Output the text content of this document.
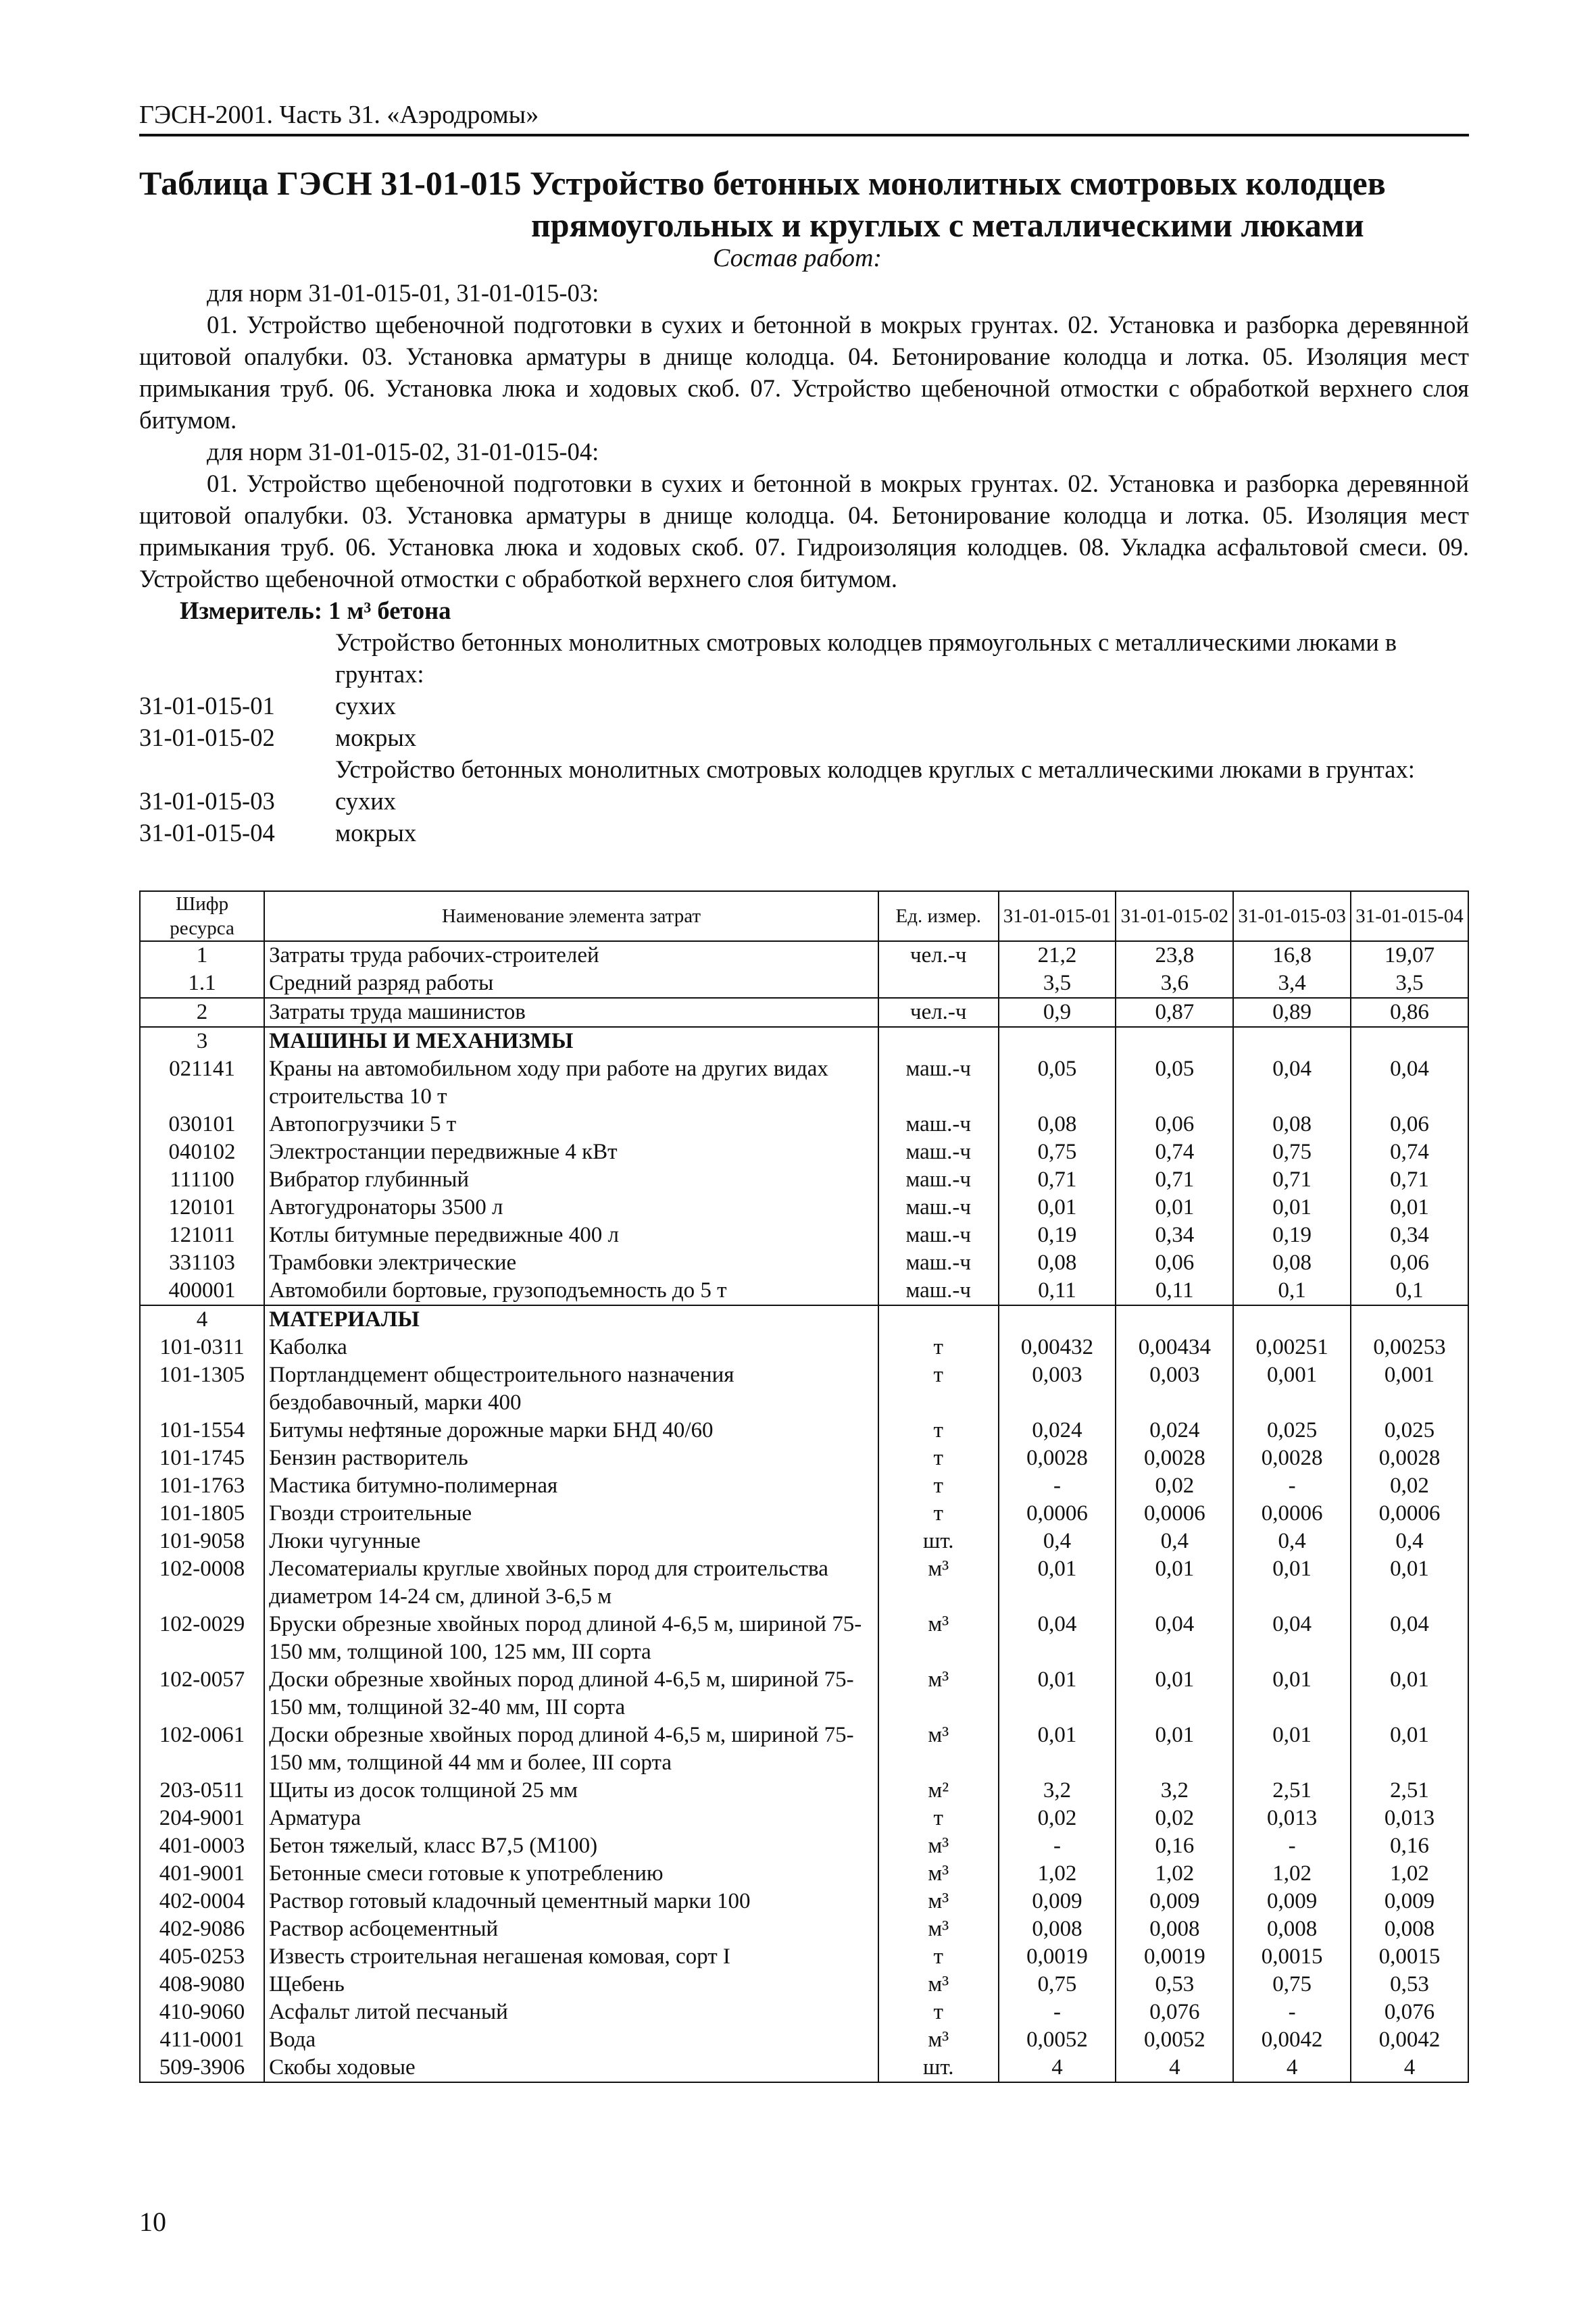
ГЭСН-2001. Часть 31. «Аэродромы»
Таблица ГЭСН 31-01-015 Устройство бетонных монолитных смотровых колодцев
прямоугольных и круглых с металлическими люками
Состав работ:

для норм 31-01-015-01, 31-01-015-03:

01. Устройство щебеночной подготовки в сухих и бетонной в мокрых грунтах. 02. Установка и разборка деревянной щитовой опалубки. 03. Установка арматуры в днище колодца. 04. Бетонирование колодца и лотка. 05. Изоляция мест примыкания труб. 06. Установка люка и ходовых скоб. 07. Устройство щебеночной отмостки с обработкой верхнего слоя битумом.

для норм 31-01-015-02, 31-01-015-04:

01. Устройство щебеночной подготовки в сухих и бетонной в мокрых грунтах. 02. Установка и разборка деревянной щитовой опалубки. 03. Установка арматуры в днище колодца. 04. Бетонирование колодца и лотка. 05. Изоляция мест примыкания труб. 06. Установка люка и ходовых скоб. 07. Гидроизоляция колодцев. 08. Укладка асфальтовой смеси. 09. Устройство щебеночной отмостки с обработкой верхнего слоя битумом.

Измеритель: 1 м³ бетона

Устройство бетонных монолитных смотровых колодцев прямоугольных с металлическими люками в грунтах:
31-01-015-01	сухих
31-01-015-02	мокрых
Устройство бетонных монолитных смотровых колодцев круглых с металлическими люками в грунтах:
31-01-015-03	сухих
31-01-015-04	мокрых
Шифр ресурса	Наименование элемента затрат	Ед. измер.	31-01-015-01	31-01-015-02	31-01-015-03	31-01-015-04
1	Затраты труда рабочих-строителей	чел.-ч	21,2	23,8	16,8	19,07
1.1	Средний разряд работы		3,5	3,6	3,4	3,5
2	Затраты труда машинистов	чел.-ч	0,9	0,87	0,89	0,86
3	МАШИНЫ И МЕХАНИЗМЫ					
021141	Краны на автомобильном ходу при работе на других видах строительства 10 т	маш.-ч	0,05	0,05	0,04	0,04
030101	Автопогрузчики 5 т	маш.-ч	0,08	0,06	0,08	0,06
040102	Электростанции передвижные 4 кВт	маш.-ч	0,75	0,74	0,75	0,74
111100	Вибратор глубинный	маш.-ч	0,71	0,71	0,71	0,71
120101	Автогудронаторы 3500 л	маш.-ч	0,01	0,01	0,01	0,01
121011	Котлы битумные передвижные 400 л	маш.-ч	0,19	0,34	0,19	0,34
331103	Трамбовки электрические	маш.-ч	0,08	0,06	0,08	0,06
400001	Автомобили бортовые, грузоподъемность до 5 т	маш.-ч	0,11	0,11	0,1	0,1
4	МАТЕРИАЛЫ					
101-0311	Каболка	т	0,00432	0,00434	0,00251	0,00253
101-1305	Портландцемент общестроительного назначения бездобавочный, марки 400	т	0,003	0,003	0,001	0,001
101-1554	Битумы нефтяные дорожные марки БНД 40/60	т	0,024	0,024	0,025	0,025
101-1745	Бензин растворитель	т	0,0028	0,0028	0,0028	0,0028
101-1763	Мастика битумно-полимерная	т	-	0,02	-	0,02
101-1805	Гвозди строительные	т	0,0006	0,0006	0,0006	0,0006
101-9058	Люки чугунные	шт.	0,4	0,4	0,4	0,4
102-0008	Лесоматериалы круглые хвойных пород для строительства диаметром 14-24 см, длиной 3-6,5 м	м³	0,01	0,01	0,01	0,01
102-0029	Бруски обрезные хвойных пород длиной 4-6,5 м, шириной 75-150 мм, толщиной 100, 125 мм, III сорта	м³	0,04	0,04	0,04	0,04
102-0057	Доски обрезные хвойных пород длиной 4-6,5 м, шириной 75-150 мм, толщиной 32-40 мм, III сорта	м³	0,01	0,01	0,01	0,01
102-0061	Доски обрезные хвойных пород длиной 4-6,5 м, шириной 75-150 мм, толщиной 44 мм и более, III сорта	м³	0,01	0,01	0,01	0,01
203-0511	Щиты из досок толщиной 25 мм	м²	3,2	3,2	2,51	2,51
204-9001	Арматура	т	0,02	0,02	0,013	0,013
401-0003	Бетон тяжелый, класс В7,5 (М100)	м³	-	0,16	-	0,16
401-9001	Бетонные смеси готовые к употреблению	м³	1,02	1,02	1,02	1,02
402-0004	Раствор готовый кладочный цементный марки 100	м³	0,009	0,009	0,009	0,009
402-9086	Раствор асбоцементный	м³	0,008	0,008	0,008	0,008
405-0253	Известь строительная негашеная комовая, сорт I	т	0,0019	0,0019	0,0015	0,0015
408-9080	Щебень	м³	0,75	0,53	0,75	0,53
410-9060	Асфальт литой песчаный	т	-	0,076	-	0,076
411-0001	Вода	м³	0,0052	0,0052	0,0042	0,0042
509-3906	Скобы ходовые	шт.	4	4	4	4
10
